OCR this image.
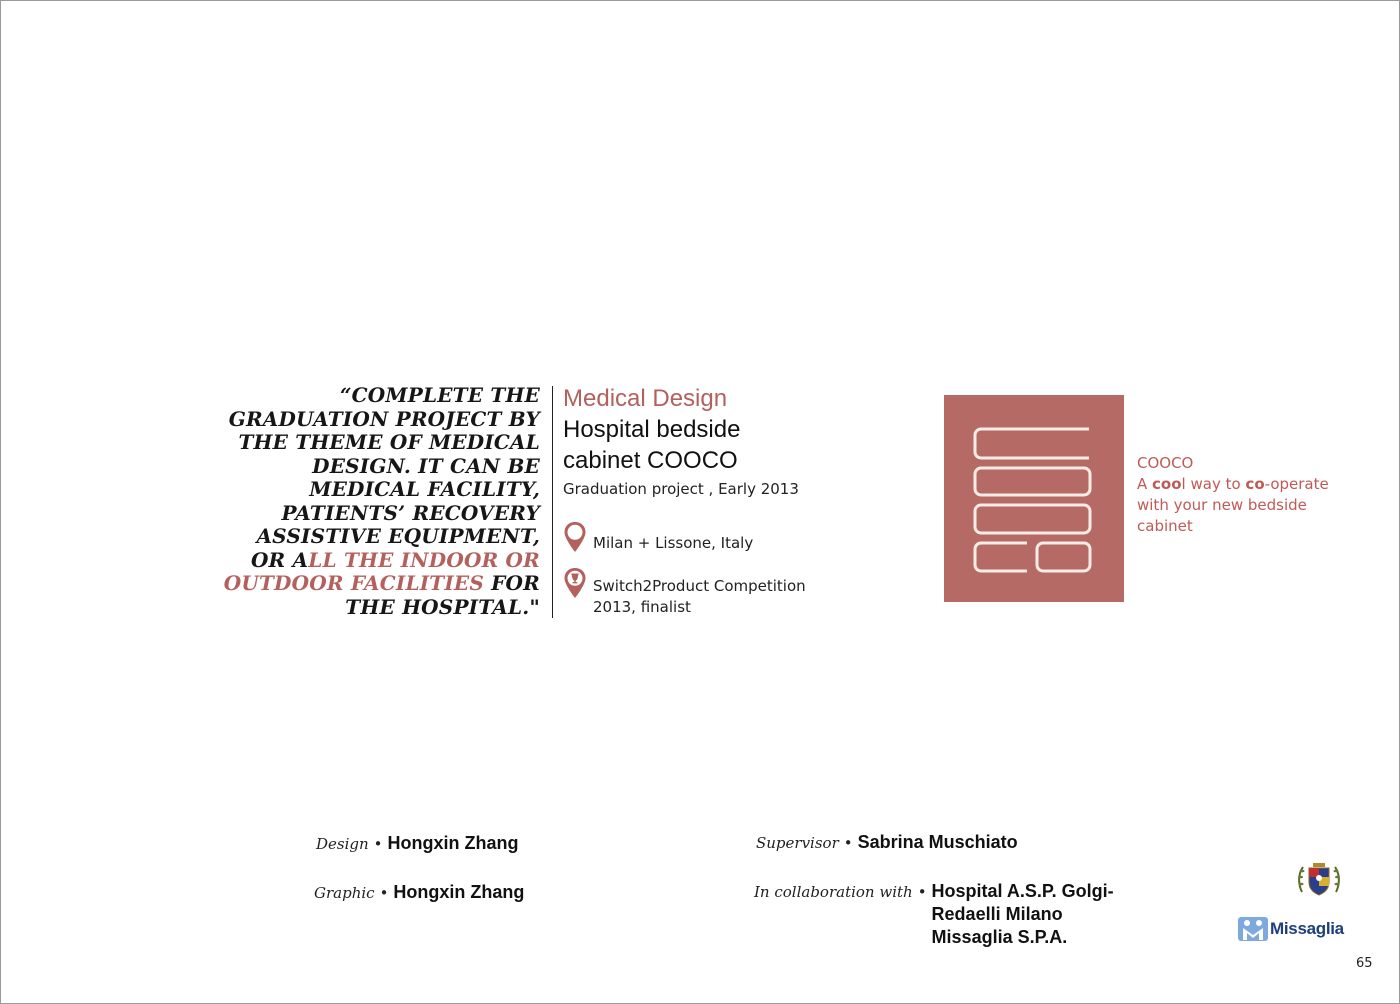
“COMPLETE THE GRADUATION PROJECT BY THE THEME OF MEDICAL DESIGN. IT CAN BE MEDICAL FACILITY, PATIENTS’ RECOVERY ASSISTIVE EQUIPMENT, OR ALL THE INDOOR OR OUTDOOR FACILITIES FOR THE HOSPITAL."
Medical Design
Hospital bedside
cabinet COOCO
Graduation project , Early 2013
Milan + Lissone, Italy
Switch2Product Competition
2013, finalist
COOCO
A cool way to co-operate
with your new bedside
cabinet
Design • Hongxin Zhang
Graphic • Hongxin Zhang
Supervisor • Sabrina Muschiato
In collaboration with • Hospital A.S.P. Golgi-
Redaelli Milano
Missaglia S.P.A.	Missaglia
65
